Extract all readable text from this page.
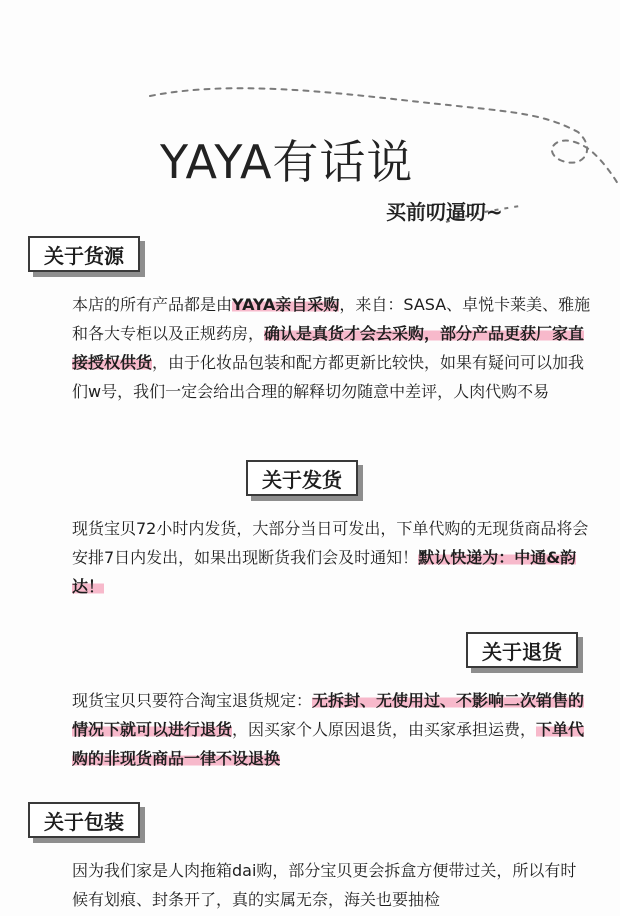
YAYA有话说
买前叨逼叨~
关于货源

本店的所有产品都是由YAYA亲自采购，来自：SASA、卓悦卡莱美、雅施和各大专柜以及正规药房，确认是真货才会去采购，部分产品更获厂家直接授权供货，由于化妆品包装和配方都更新比较快，如果有疑问可以加我们w号，我们一定会给出合理的解释切勿随意中差评，人肉代购不易

关于发货

现货宝贝72小时内发货，大部分当日可发出，下单代购的无现货商品将会安排7日内发出，如果出现断货我们会及时通知！默认快递为：中通&韵达！

关于退货

现货宝贝只要符合淘宝退货规定：无拆封、无使用过、不影响二次销售的情况下就可以进行退货，因买家个人原因退货，由买家承担运费，下单代购的非现货商品一律不设退换

关于包装

因为我们家是人肉拖箱dai购，部分宝贝更会拆盒方便带过关，所以有时候有划痕、封条开了，真的实属无奈，海关也要抽检
